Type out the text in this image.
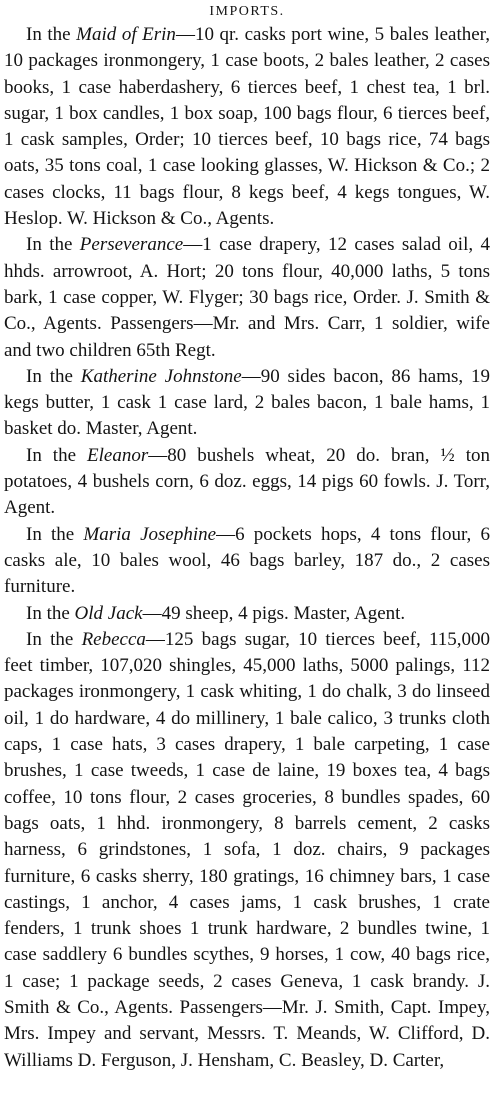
IMPORTS.

In the Maid of Erin—10 qr. casks port wine, 5 bales leather, 10 packages ironmongery, 1 case boots, 2 bales leather, 2 cases books, 1 case haberdashery, 6 tierces beef, 1 chest tea, 1 brl. sugar, 1 box candles, 1 box soap, 100 bags flour, 6 tierces beef, 1 cask samples, Order; 10 tierces beef, 10 bags rice, 74 bags oats, 35 tons coal, 1 case looking glasses, W. Hickson & Co.; 2 cases clocks, 11 bags flour, 8 kegs beef, 4 kegs tongues, W. Heslop. W. Hickson & Co., Agents.

In the Perseverance—1 case drapery, 12 cases salad oil, 4 hhds. arrowroot, A. Hort; 20 tons flour, 40,000 laths, 5 tons bark, 1 case copper, W. Flyger; 30 bags rice, Order. J. Smith & Co., Agents. Passengers—Mr. and Mrs. Carr, 1 soldier, wife and two children 65th Regt.

In the Katherine Johnstone—90 sides bacon, 86 hams, 19 kegs butter, 1 cask 1 case lard, 2 bales bacon, 1 bale hams, 1 basket do. Master, Agent.

In the Eleanor—80 bushels wheat, 20 do. bran, ½ ton potatoes, 4 bushels corn, 6 doz. eggs, 14 pigs 60 fowls. J. Torr, Agent.

In the Maria Josephine—6 pockets hops, 4 tons flour, 6 casks ale, 10 bales wool, 46 bags barley, 187 do., 2 cases furniture.

In the Old Jack—49 sheep, 4 pigs. Master, Agent.

In the Rebecca—125 bags sugar, 10 tierces beef, 115,000 feet timber, 107,020 shingles, 45,000 laths, 5000 palings, 112 packages ironmongery, 1 cask whiting, 1 do chalk, 3 do linseed oil, 1 do hardware, 4 do millinery, 1 bale calico, 3 trunks cloth caps, 1 case hats, 3 cases drapery, 1 bale carpeting, 1 case brushes, 1 case tweeds, 1 case de laine, 19 boxes tea, 4 bags coffee, 10 tons flour, 2 cases groceries, 8 bundles spades, 60 bags oats, 1 hhd. ironmongery, 8 barrels cement, 2 casks harness, 6 grindstones, 1 sofa, 1 doz. chairs, 9 packages furniture, 6 casks sherry, 180 gratings, 16 chimney bars, 1 case castings, 1 anchor, 4 cases jams, 1 cask brushes, 1 crate fenders, 1 trunk shoes 1 trunk hardware, 2 bundles twine, 1 case saddlery 6 bundles scythes, 9 horses, 1 cow, 40 bags rice, 1 case; 1 package seeds, 2 cases Geneva, 1 cask brandy. J. Smith & Co., Agents. Passengers—Mr. J. Smith, Capt. Impey, Mrs. Impey and servant, Messrs. T. Meands, W. Clifford, D. Williams D. Ferguson, J. Hensham, C. Beasley, D. Carter,
